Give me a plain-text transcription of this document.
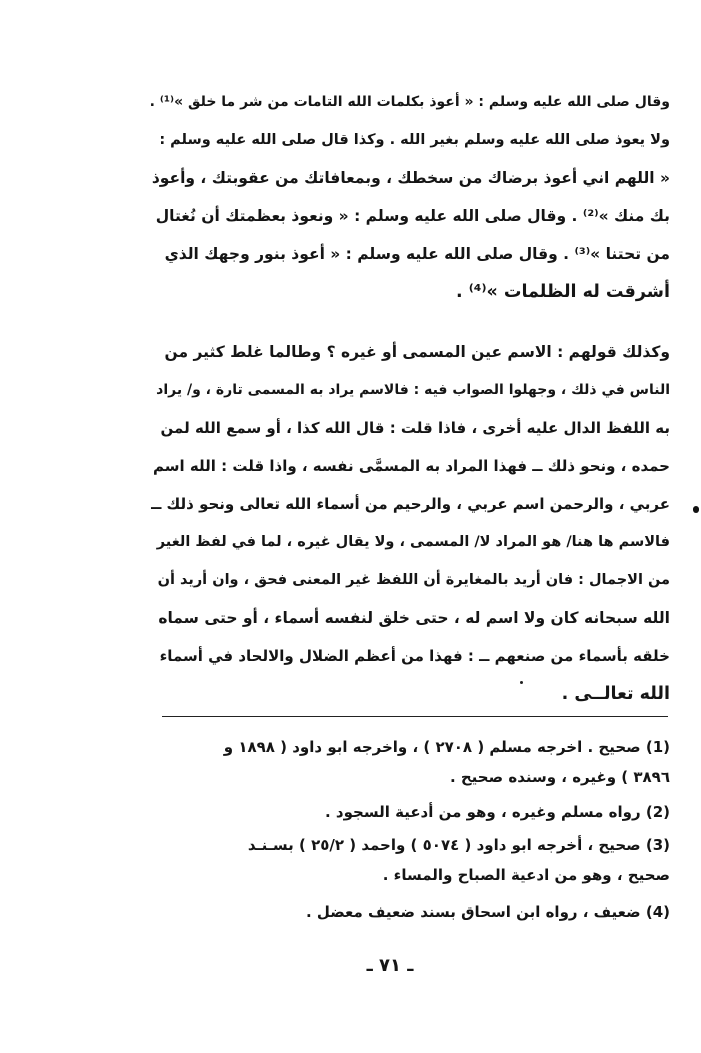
وقال صلى الله عليه وسلم : « أعوذ بكلمات الله التامات من شر ما خلق »⁽¹⁾ .
ولا يعوذ صلى الله عليه وسلم بغير الله . وكذا قال صلى الله عليه وسلم :
« اللهم اني أعوذ برضاك من سخطك ، وبمعافاتك من عقوبتك ، وأعوذ
بك منك »⁽²⁾ . وقال صلى الله عليه وسلم : « ونعوذ بعظمتك أن نُغتال
من تحتنا »⁽³⁾ . وقال صلى الله عليه وسلم : « أعوذ بنور وجهك الذي
أشرقت له الظلمات »⁽⁴⁾ .
وكذلك قولهم : الاسم عين المسمى أو غيره ؟ وطالما غلط كثير من
الناس في ذلك ، وجهلوا الصواب فيه : فالاسم يراد به المسمى تارة ، و/ يراد
به اللفظ الدال عليه أخرى ، فاذا قلت : قال الله كذا ، أو سمع الله لمن
حمده ، ونحو ذلك ــ فهذا المراد به المسمَّى نفسه ، واذا قلت : الله اسم
عربي ، والرحمن اسم عربي ، والرحيم من أسماء الله تعالى ونحو ذلك ــ
فالاسم ها هنا/ هو المراد لا/ المسمى ، ولا يقال غيره ، لما في لفظ الغير
من الاجمال : فان أريد بالمغايرة أن اللفظ غير المعنى فحق ، وان أريد أن
الله سبحانه كان ولا اسم له ، حتى خلق لنفسه أسماء ، أو حتى سماه
خلقه بأسماء من صنعهم ــ : فهذا من أعظم الضلال والالحاد في أسماء
الله تعالــى .
(1) صحيح . اخرجه مسلم ( ٢٧٠٨ ) ، واخرجه ابو داود ( ١٨٩٨ و
٣٨٩٦ ) وغيره ، وسنده صحيح .
(2) رواه مسلم وغيره ، وهو من أدعية السجود .
(3) صحيح ، أخرجه ابو داود ( ٥٠٧٤ ) واحمد ( ٢٥/٢ ) بسـنـد
صحيح ، وهو من ادعية الصباح والمساء .
(4) ضعيف ، رواه ابن اسحاق بسند ضعيف معضل .
ـ ٧١ ـ
